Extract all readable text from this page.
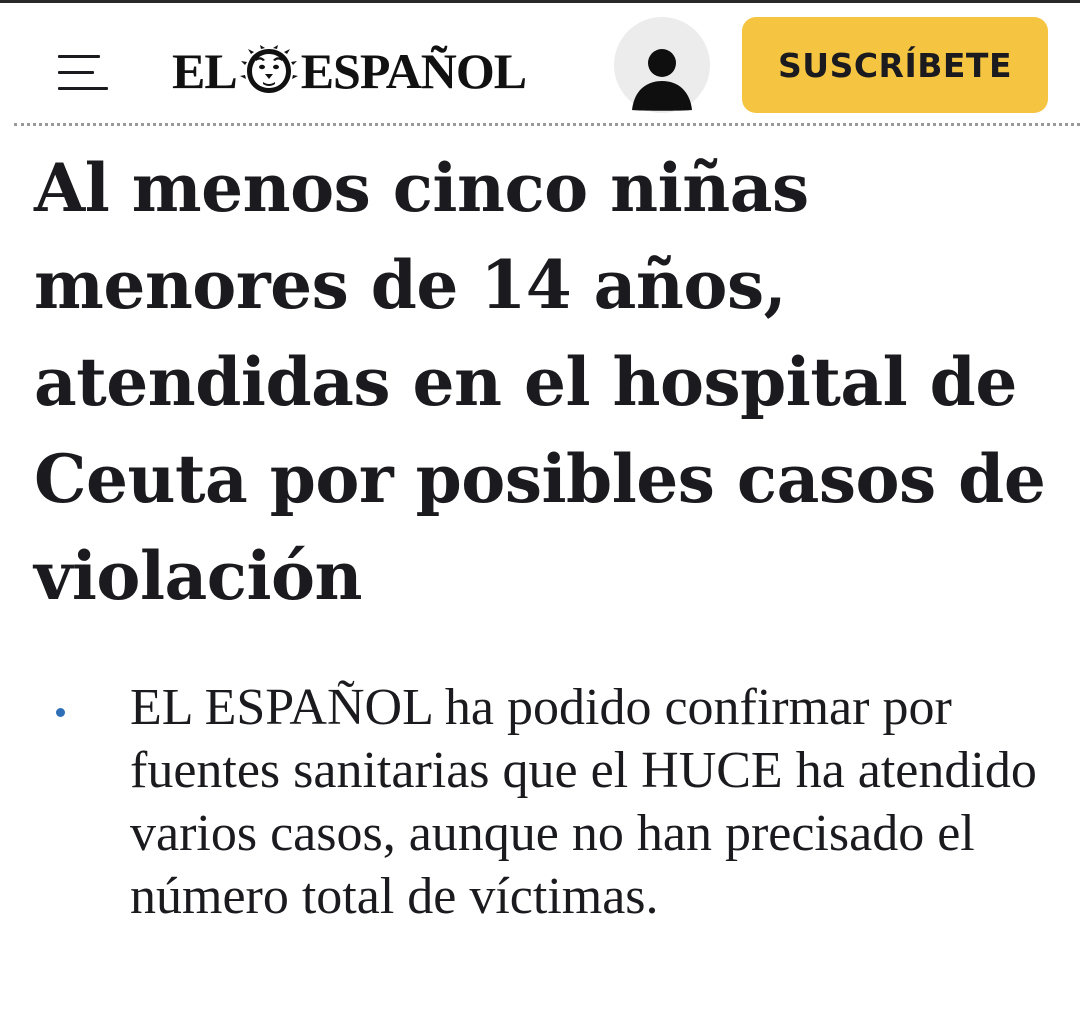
EL ESPAÑOL	SUSCRÍBETE
Al menos cinco niñas menores de 14 años, atendidas en el hospital de Ceuta por posibles casos de violación
EL ESPAÑOL ha podido confirmar por fuentes sanitarias que el HUCE ha atendido varios casos, aunque no han precisado el número total de víctimas.
